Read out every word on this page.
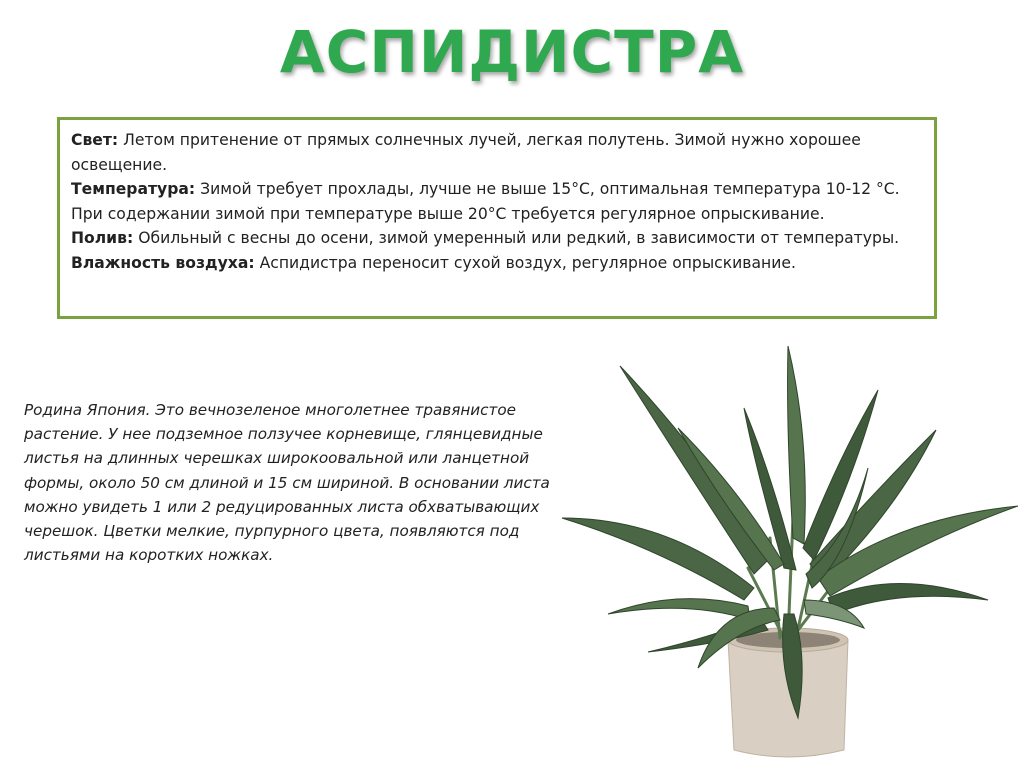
АСПИДИСТРА
Свет: Летом притенение от прямых солнечных лучей, легкая полутень. Зимой нужно хорошее освещение.
Температура: Зимой требует прохлады, лучше не выше 15°С, оптимальная температура 10-12 °С. При содержании зимой при температуре выше 20°С требуется регулярное опрыскивание.
Полив: Обильный с весны до осени, зимой умеренный или редкий, в зависимости от температуры.
Влажность воздуха: Аспидистра переносит сухой воздух, регулярное опрыскивание.
Родина Япония. Это вечнозеленое многолетнее травянистое растение. У нее подземное ползучее корневище, глянцевидные листья на длинных черешках широкоовальной или ланцетной формы, около 50 см длиной и 15 см шириной. В основании листа можно увидеть 1 или 2 редуцированных листа обхватывающих черешок. Цветки мелкие, пурпурного цвета, появляются под листьями на коротких ножках.
